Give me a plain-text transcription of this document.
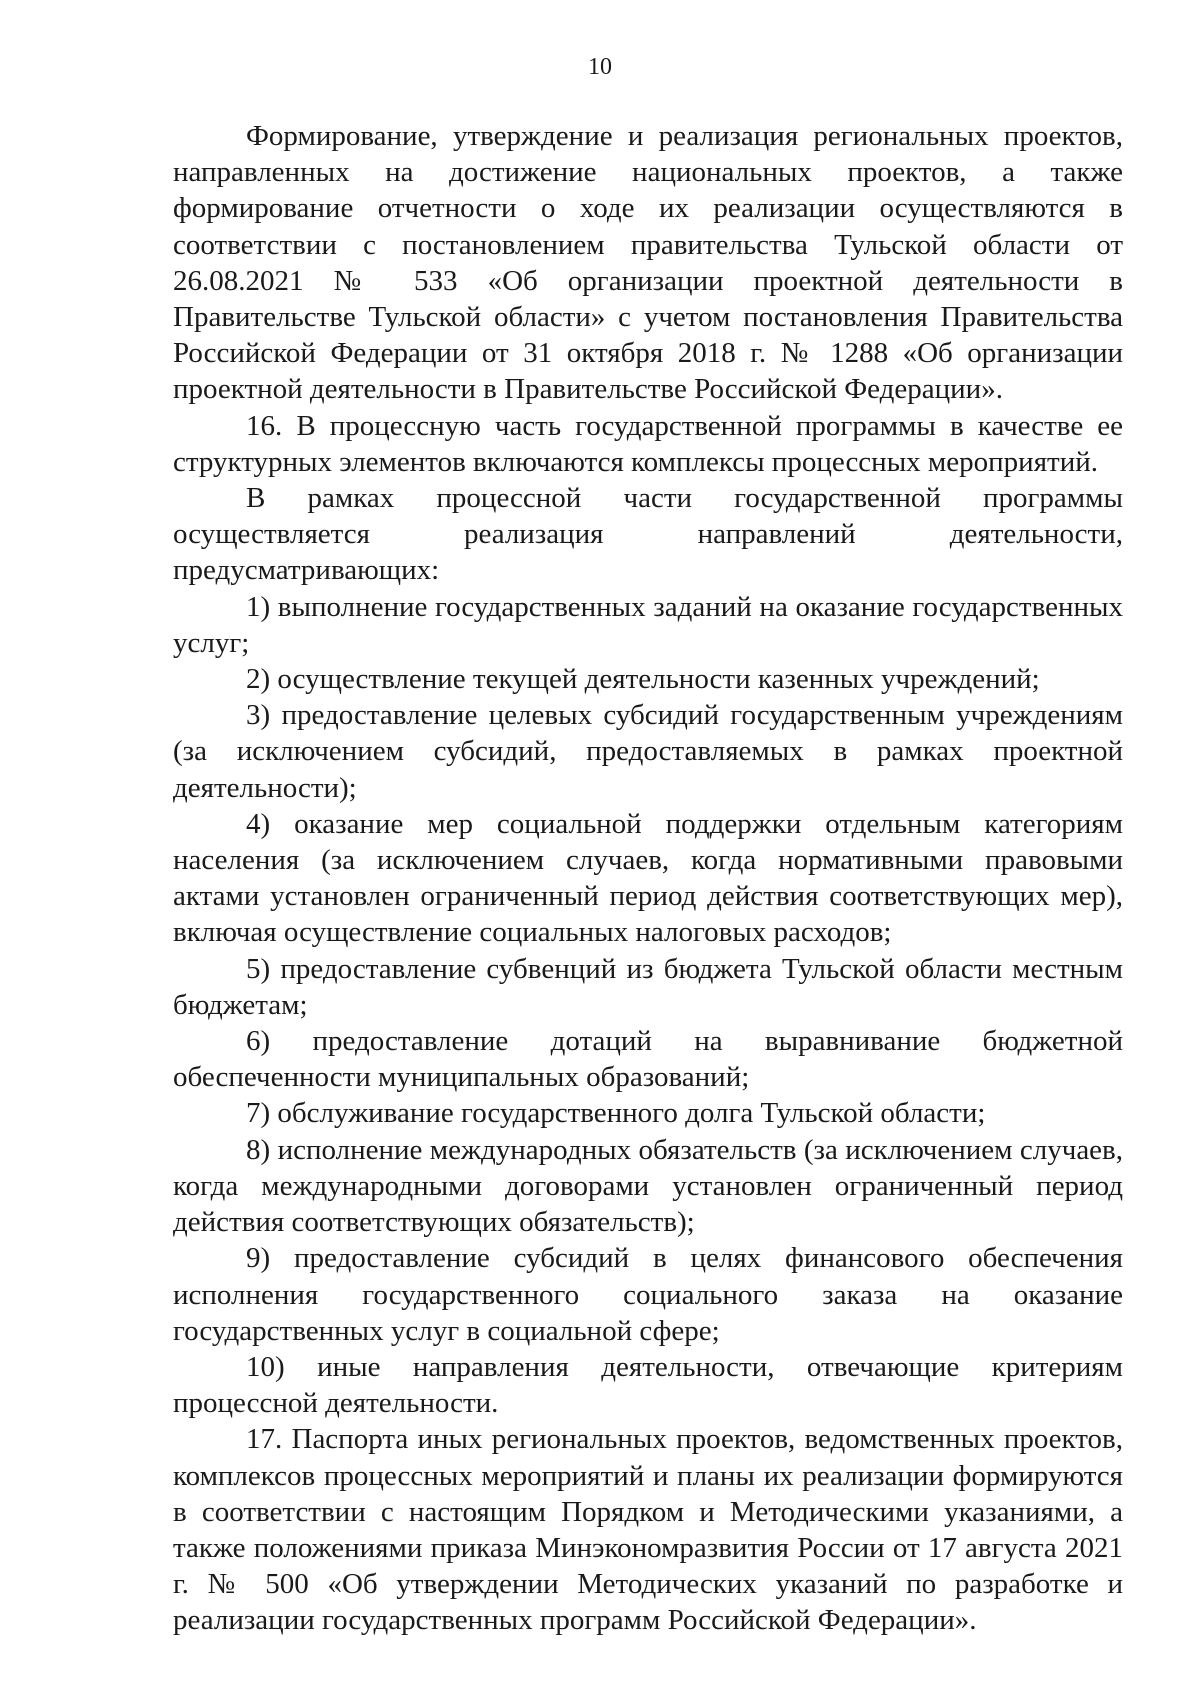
10

Формирование, утверждение и реализация региональных проектов, направленных на достижение национальных проектов, а также формирование отчетности о ходе их реализации осуществляются в соответствии с постановлением правительства Тульской области от 26.08.2021 № 533 «Об организации проектной деятельности в Правительстве Тульской области» с учетом постановления Правительства Российской Федерации от 31 октября 2018 г. № 1288 «Об организации проектной деятельности в Правительстве Российской Федерации».

16. В процессную часть государственной программы в качестве ее структурных элементов включаются комплексы процессных мероприятий.

В рамках процессной части государственной программы осуществляется реализация направлений деятельности, предусматривающих:

1) выполнение государственных заданий на оказание государственных услуг;

2) осуществление текущей деятельности казенных учреждений;

3) предоставление целевых субсидий государственным учреждениям (за исключением субсидий, предоставляемых в рамках проектной деятельности);

4) оказание мер социальной поддержки отдельным категориям населения (за исключением случаев, когда нормативными правовыми актами установлен ограниченный период действия соответствующих мер), включая осуществление социальных налоговых расходов;

5) предоставление субвенций из бюджета Тульской области местным бюджетам;

6) предоставление дотаций на выравнивание бюджетной обеспеченности муниципальных образований;

7) обслуживание государственного долга Тульской области;

8) исполнение международных обязательств (за исключением случаев, когда международными договорами установлен ограниченный период действия соответствующих обязательств);

9) предоставление субсидий в целях финансового обеспечения исполнения государственного социального заказа на оказание государственных услуг в социальной сфере;

10) иные направления деятельности, отвечающие критериям процессной деятельности.

17. Паспорта иных региональных проектов, ведомственных проектов, комплексов процессных мероприятий и планы их реализации формируются в соответствии с настоящим Порядком и Методическими указаниями, а также положениями приказа Минэкономразвития России от 17 августа 2021 г. № 500 «Об утверждении Методических указаний по разработке и реализации государственных программ Российской Федерации».
